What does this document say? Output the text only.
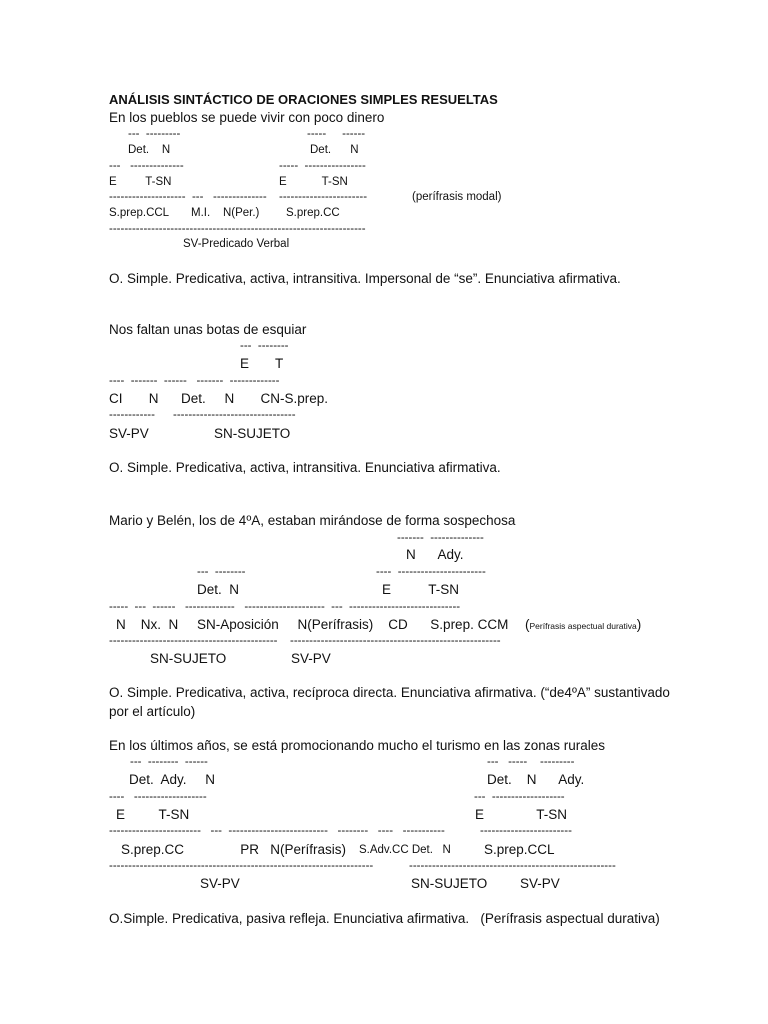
ANÁLISIS SINTÁCTICO DE ORACIONES SIMPLES RESUELTAS
En los pueblos se puede vivir con poco dinero
---  ---------	-----     ------
Det.    N	Det.      N
---   --------------	-----  ----------------
E         T-SN	E           T-SN
--------------------  ---   -------------- -----------------------	(perífrasis modal)
S.prep.CCL       M.I.    N(Per.) S.prep.CC
-------------------------------------------------------------------
SV-Predicado Verbal
O. Simple. Predicativa, activa, intransitiva. Impersonal de “se”. Enunciativa afirmativa.
Nos faltan unas botas de esquiar
---  --------
E       T
----  -------  ------   -------  -------------
CI       N      Det.     N       CN-S.prep.
------------ --------------------------------
SV-PV	SN-SUJETO
O. Simple. Predicativa, activa, intransitiva. Enunciativa afirmativa.
Mario y Belén, los de 4ºA, estaban mirándose de forma sospechosa
-------  --------------
N      Ady.
---  --------	----  -----------------------
Det.  N	E          T-SN
-----  ---  ------   -------------   ---------------------  ---  -----------------------------
N    Nx.  N     SN-Aposición     N(Perífrasis)    CD      S.prep. CCM (Perífrasis aspectual durativa)
-------------------------------------------- -------------------------------------------------------
SN-SUJETO	SV-PV
O. Simple. Predicativa, activa, recíproca directa. Enunciativa afirmativa. (“de4ºA” sustantivado
por el artículo)
En los últimos años, se está promocionando mucho el turismo en las zonas rurales
---  --------  ------	---   -----    ---------
Det.  Ady.     N	Det.    N      Ady.
----   -------------------	---  -------------------
E         T-SN	E              T-SN
------------------------   ---  --------------------------   --------   ----   -----------	------------------------
S.prep.CC               PR   N(Perífrasis) S.Adv.CC Det.   N S.prep.CCL
---------------------------------------------------------------------	------------------------------------------------------
SV-PV	SN-SUJETO SV-PV
O.Simple. Predicativa, pasiva refleja. Enunciativa afirmativa.   (Perífrasis aspectual durativa)
